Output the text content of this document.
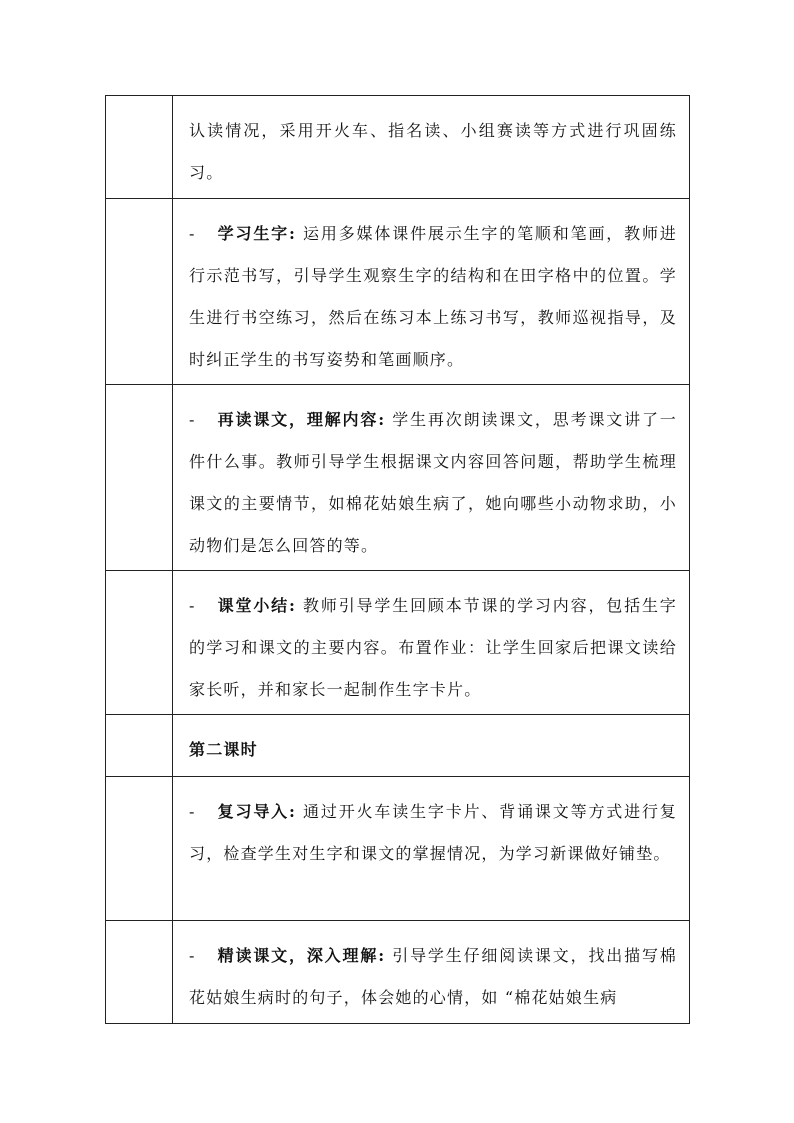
	认读情况，采用开火车、指名读、小组赛读等方式进行巩固练习。
	- 学习生字: 运用多媒体课件展示生字的笔顺和笔画，教师进行示范书写，引导学生观察生字的结构和在田字格中的位置。学生进行书空练习，然后在练习本上练习书写，教师巡视指导，及时纠正学生的书写姿势和笔画顺序。
	- 再读课文，理解内容: 学生再次朗读课文，思考课文讲了一件什么事。教师引导学生根据课文内容回答问题，帮助学生梳理课文的主要情节，如棉花姑娘生病了，她向哪些小动物求助，小动物们是怎么回答的等。
	- 课堂小结: 教师引导学生回顾本节课的学习内容，包括生字的学习和课文的主要内容。布置作业：让学生回家后把课文读给家长听，并和家长一起制作生字卡片。
	第二课时
	- 复习导入: 通过开火车读生字卡片、背诵课文等方式进行复习，检查学生对生字和课文的掌握情况，为学习新课做好铺垫。
	- 精读课文，深入理解: 引导学生仔细阅读课文，找出描写棉花姑娘生病时的句子，体会她的心情，如 “棉花姑娘生病
